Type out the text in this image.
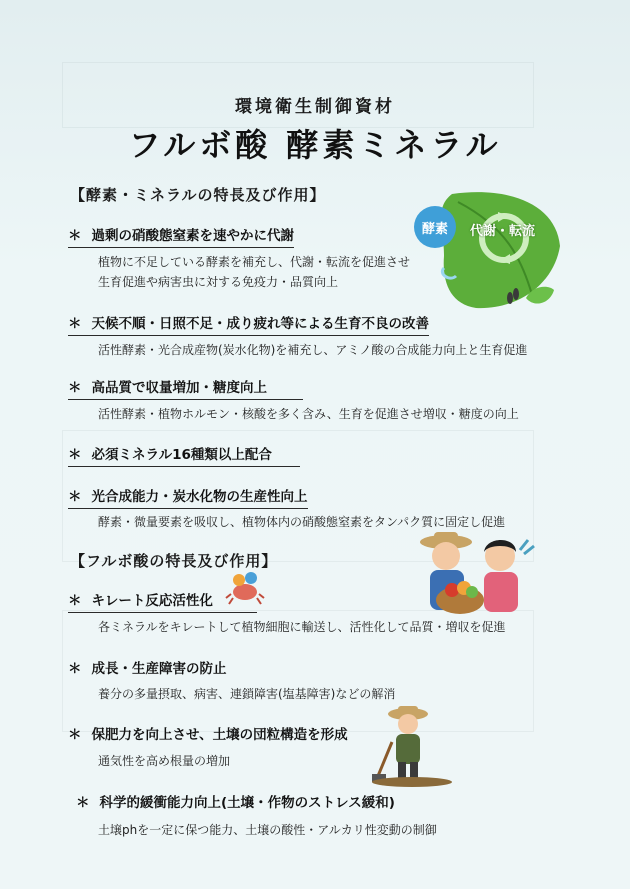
環境衛生制御資材
フルボ酸 酵素ミネラル
【酵素・ミネラルの特長及び作用】
＊ 過剰の硝酸態窒素を速やかに代謝
植物に不足している酵素を補充し、代謝・転流を促進させ
生育促進や病害虫に対する免疫力・品質向上
＊ 天候不順・日照不足・成り疲れ等による生育不良の改善
活性酵素・光合成産物(炭水化物)を補充し、アミノ酸の合成能力向上と生育促進
＊ 高品質で収量増加・糖度向上
活性酵素・植物ホルモン・核酸を多く含み、生育を促進させ増収・糖度の向上
＊ 必須ミネラル16種類以上配合
＊ 光合成能力・炭水化物の生産性向上
酵素・微量要素を吸収し、植物体内の硝酸態窒素をタンパク質に固定し促進
【フルボ酸の特長及び作用】
＊ キレート反応活性化
各ミネラルをキレートして植物細胞に輸送し、活性化して品質・増収を促進
＊ 成長・生産障害の防止
養分の多量摂取、病害、連鎖障害(塩基障害)などの解消
＊ 保肥力を向上させ、土壌の団粒構造を形成
通気性を高め根量の増加
＊ 科学的緩衝能力向上(土壌・作物のストレス緩和)
土壌phを一定に保つ能力、土壌の酸性・アルカリ性変動の制御
酵素	代謝・転流
